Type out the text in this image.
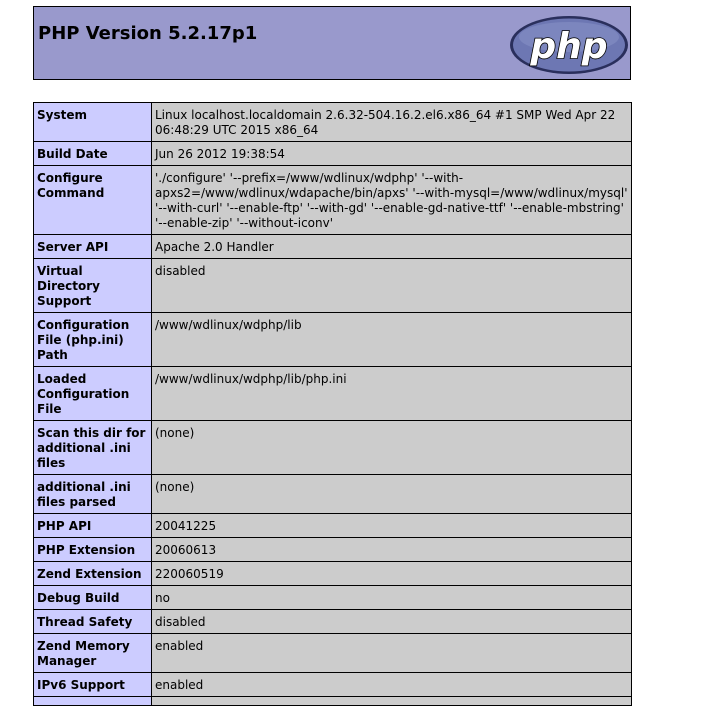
PHP Version 5.2.17p1	php
System	Linux localhost.localdomain 2.6.32-504.16.2.el6.x86_64 #1 SMP Wed Apr 22 06:48:29 UTC 2015 x86_64
Build Date	Jun 26 2012 19:38:54
Configure Command	'./configure' '--prefix=/www/wdlinux/wdphp' '--with-apxs2=/www/wdlinux/wdapache/bin/apxs' '--with-mysql=/www/wdlinux/mysql' '--with-curl' '--enable-ftp' '--with-gd' '--enable-gd-native-ttf' '--enable-mbstring' '--enable-zip' '--without-iconv'
Server API	Apache 2.0 Handler
Virtual Directory Support	disabled
Configuration File (php.ini) Path	/www/wdlinux/wdphp/lib
Loaded Configuration File	/www/wdlinux/wdphp/lib/php.ini
Scan this dir for additional .ini files	(none)
additional .ini files parsed	(none)
PHP API	20041225
PHP Extension	20060613
Zend Extension	220060519
Debug Build	no
Thread Safety	disabled
Zend Memory Manager	enabled
IPv6 Support	enabled
